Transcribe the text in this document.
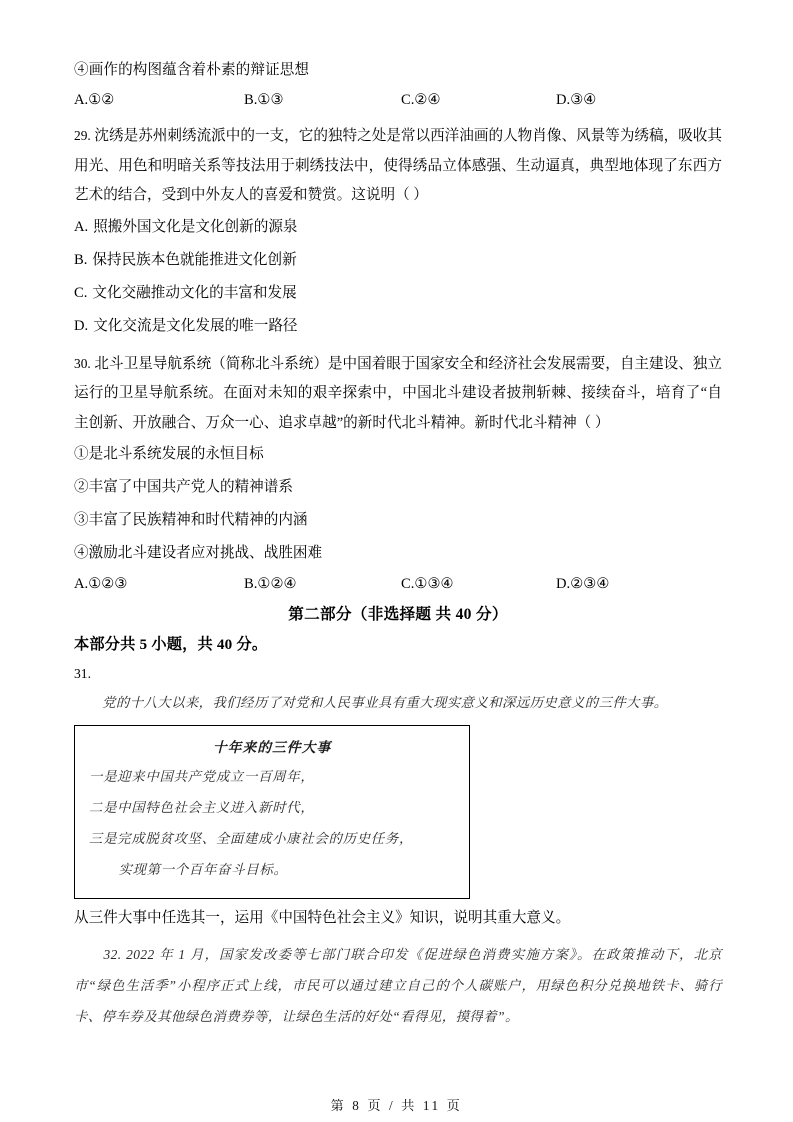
④画作的构图蕴含着朴素的辩证思想
A.①②	B.①③	C.②④	D.③④
29. 沈绣是苏州刺绣流派中的一支，它的独特之处是常以西洋油画的人物肖像、风景等为绣稿，吸收其用光、用色和明暗关系等技法用于刺绣技法中，使得绣品立体感强、生动逼真，典型地体现了东西方艺术的结合，受到中外友人的喜爱和赞赏。这说明（ ）
A. 照搬外国文化是文化创新的源泉
B. 保持民族本色就能推进文化创新
C. 文化交融推动文化的丰富和发展
D. 文化交流是文化发展的唯一路径
30. 北斗卫星导航系统（简称北斗系统）是中国着眼于国家安全和经济社会发展需要，自主建设、独立运行的卫星导航系统。在面对未知的艰辛探索中，中国北斗建设者披荆斩棘、接续奋斗，培育了“自主创新、开放融合、万众一心、追求卓越”的新时代北斗精神。新时代北斗精神（ ）
①是北斗系统发展的永恒目标
②丰富了中国共产党人的精神谱系
③丰富了民族精神和时代精神的内涵
④激励北斗建设者应对挑战、战胜困难
A.①②③	B.①②④	C.①③④	D.②③④
第二部分（非选择题 共 40 分）
本部分共 5 小题，共 40 分。
31.
党的十八大以来，我们经历了对党和人民事业具有重大现实意义和深远历史意义的三件大事。
十年来的三件大事
一是迎来中国共产党成立一百周年，
二是中国特色社会主义进入新时代，
三是完成脱贫攻坚、全面建成小康社会的历史任务，
实现第一个百年奋斗目标。
从三件大事中任选其一，运用《中国特色社会主义》知识，说明其重大意义。
32. 2022 年 1 月，国家发改委等七部门联合印发《促进绿色消费实施方案》。在政策推动下，北京市“绿色生活季”小程序正式上线，市民可以通过建立自己的个人碳账户，用绿色积分兑换地铁卡、骑行卡、停车券及其他绿色消费券等，让绿色生活的好处“看得见，摸得着”。
第 8 页 / 共 11 页
